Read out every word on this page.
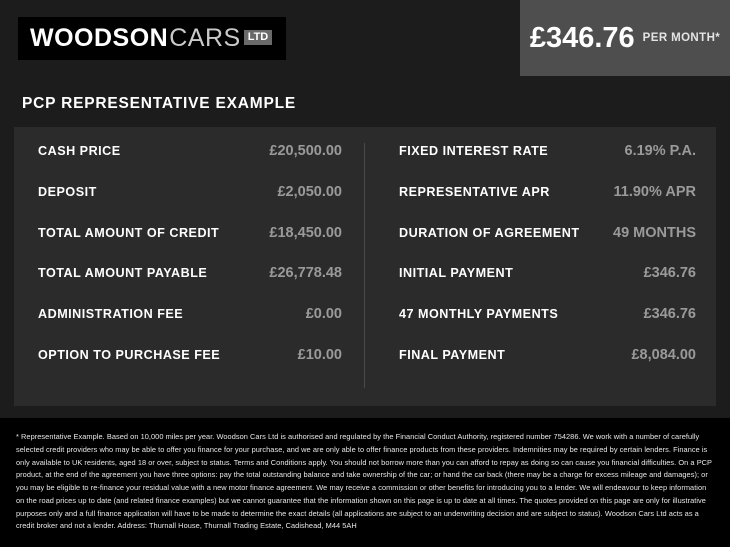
WOODSON CARS LTD	£346.76 PER MONTH*
PCP REPRESENTATIVE EXAMPLE
CASH PRICE	£20,500.00
DEPOSIT	£2,050.00
TOTAL AMOUNT OF CREDIT	£18,450.00
TOTAL AMOUNT PAYABLE	£26,778.48
ADMINISTRATION FEE	£0.00
OPTION TO PURCHASE FEE	£10.00
FIXED INTEREST RATE	6.19% P.A.
REPRESENTATIVE APR	11.90% APR
DURATION OF AGREEMENT 49 MONTHS
INITIAL PAYMENT	£346.76
47 MONTHLY PAYMENTS	£346.76
FINAL PAYMENT	£8,084.00

* Representative Example. Based on 10,000 miles per year. Woodson Cars Ltd is authorised and regulated by the Financial Conduct Authority, registered number 754286. We work with a number of carefully selected credit providers who may be able to offer you finance for your purchase, and we are only able to offer finance products from these providers. Indemnities may be required by certain lenders. Finance is only available to UK residents, aged 18 or over, subject to status. Terms and Conditions apply. You should not borrow more than you can afford to repay as doing so can cause you financial difficulties. On a PCP product, at the end of the agreement you have three options: pay the total outstanding balance and take ownership of the car; or hand the car back (there may be a charge for excess mileage and damages); or you may be eligible to re-finance your residual value with a new motor finance agreement. We may receive a commission or other benefits for introducing you to a lender. We will endeavour to keep information on the road prices up to date (and related finance examples) but we cannot guarantee that the information shown on this page is up to date at all times. The quotes provided on this page are only for illustrative purposes only and a full finance application will have to be made to determine the exact details (all applications are subject to an underwriting decision and are subject to status). Woodson Cars Ltd acts as a credit broker and not a lender. Address: Thurnall House, Thurnall Trading Estate, Cadishead, M44 5AH
